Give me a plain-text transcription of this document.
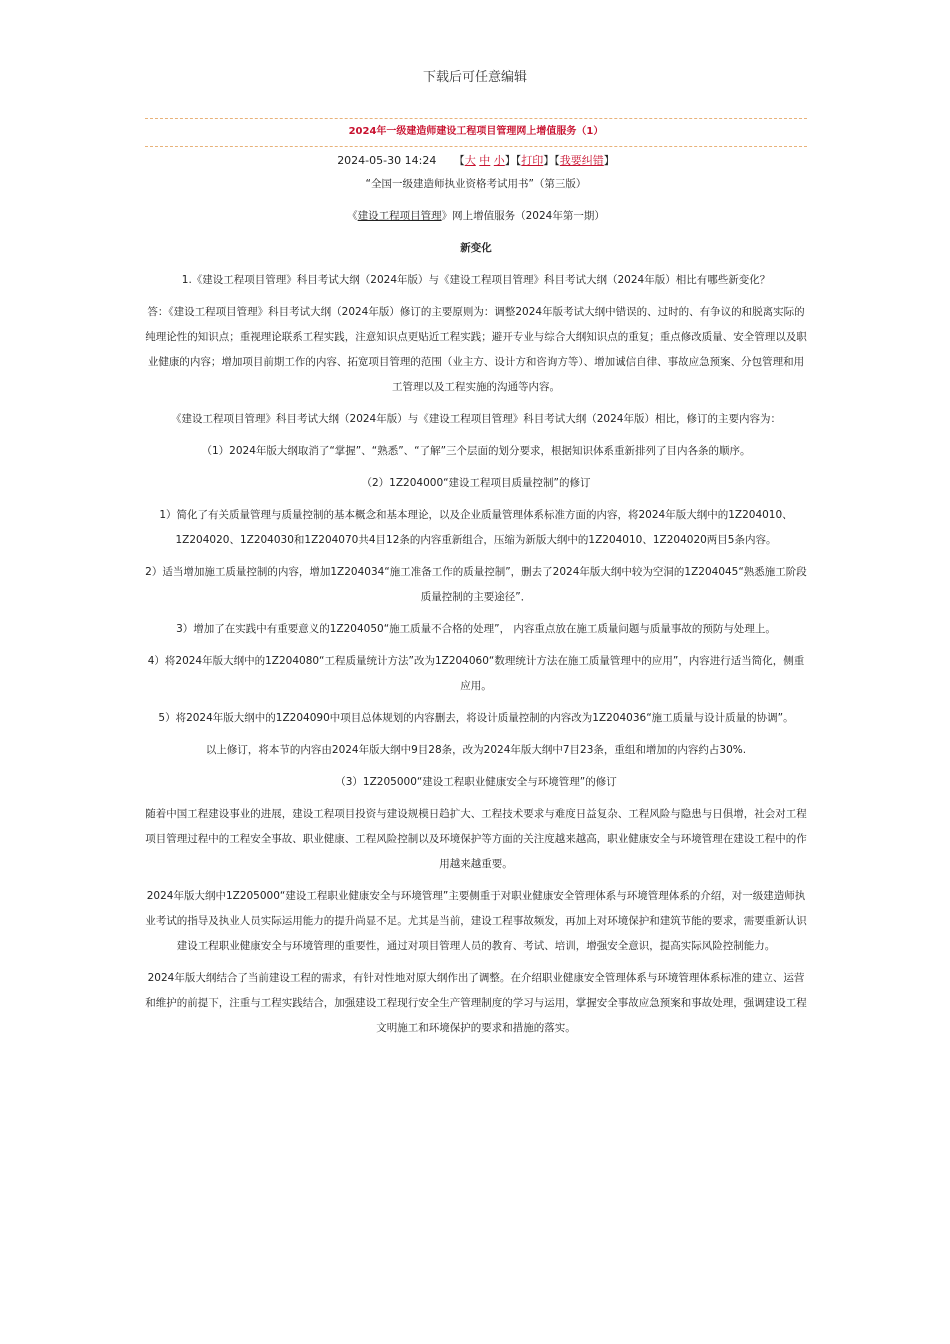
下载后可任意编辑
2024年一级建造师建设工程项目管理网上增值服务（1）
2024-05-30 14:24 【大 中 小】【打印】【我要纠错】

“全国一级建造师执业资格考试用书”（第三版）

《建设工程项目管理》网上增值服务（2024年第一期）

新变化

1.《建设工程项目管理》科目考试大纲（2024年版）与《建设工程项目管理》科目考试大纲（2024年版）相比有哪些新变化？

答：《建设工程项目管理》科目考试大纲（2024年版）修订的主要原则为：调整2024年版考试大纲中错误的、过时的、有争议的和脱离实际的纯理论性的知识点；重视理论联系工程实践，注意知识点更贴近工程实践；避开专业与综合大纲知识点的重复；重点修改质量、安全管理以及职业健康的内容；增加项目前期工作的内容、拓宽项目管理的范围（业主方、设计方和咨询方等）、增加诚信自律、事故应急预案、分包管理和用工管理以及工程实施的沟通等内容。

《建设工程项目管理》科目考试大纲（2024年版）与《建设工程项目管理》科目考试大纲（2024年版）相比，修订的主要内容为：

（1）2024年版大纲取消了“掌握”、“熟悉”、“了解”三个层面的划分要求，根据知识体系重新排列了目内各条的顺序。

（2）1Z204000“建设工程项目质量控制”的修订

1）简化了有关质量管理与质量控制的基本概念和基本理论，以及企业质量管理体系标准方面的内容，将2024年版大纲中的1Z204010、1Z204020、1Z204030和1Z204070共4目12条的内容重新组合，压缩为新版大纲中的1Z204010、1Z204020两目5条内容。

2）适当增加施工质量控制的内容，增加1Z204034“施工准备工作的质量控制”，删去了2024年版大纲中较为空洞的1Z204045“熟悉施工阶段质量控制的主要途径”．

3）增加了在实践中有重要意义的1Z204050“施工质量不合格的处理”， 内容重点放在施工质量问题与质量事故的预防与处理上。

4）将2024年版大纲中的1Z204080“工程质量统计方法”改为1Z204060“数理统计方法在施工质量管理中的应用”，内容进行适当简化，侧重应用。

5）将2024年版大纲中的1Z204090中项目总体规划的内容删去，将设计质量控制的内容改为1Z204036“施工质量与设计质量的协调”。

以上修订，将本节的内容由2024年版大纲中9目28条，改为2024年版大纲中7目23条，重组和增加的内容约占30%.

（3）1Z205000“建设工程职业健康安全与环境管理”的修订

随着中国工程建设事业的进展，建设工程项目投资与建设规模日趋扩大、工程技术要求与难度日益复杂、工程风险与隐患与日俱增，社会对工程项目管理过程中的工程安全事故、职业健康、工程风险控制以及环境保护等方面的关注度越来越高，职业健康安全与环境管理在建设工程中的作用越来越重要。

2024年版大纲中1Z205000“建设工程职业健康安全与环境管理”主要侧重于对职业健康安全管理体系与环境管理体系的介绍，对一级建造师执业考试的指导及执业人员实际运用能力的提升尚显不足。尤其是当前，建设工程事故频发，再加上对环境保护和建筑节能的要求，需要重新认识建设工程职业健康安全与环境管理的重要性，通过对项目管理人员的教育、考试、培训，增强安全意识，提高实际风险控制能力。

2024年版大纲结合了当前建设工程的需求，有针对性地对原大纲作出了调整。在介绍职业健康安全管理体系与环境管理体系标准的建立、运营和维护的前提下，注重与工程实践结合，加强建设工程现行安全生产管理制度的学习与运用，掌握安全事故应急预案和事故处理，强调建设工程文明施工和环境保护的要求和措施的落实。
